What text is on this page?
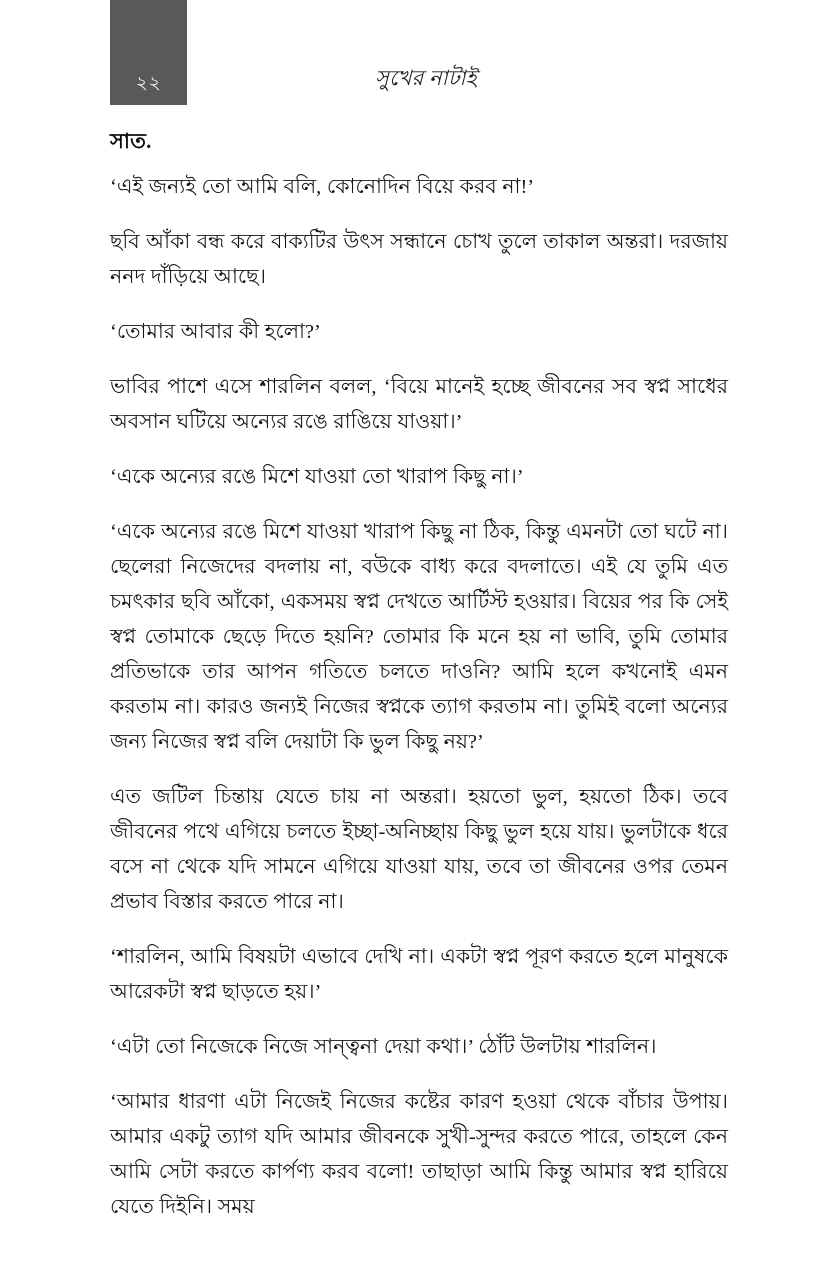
২২	সুখের নাটাই
সাত.

‘এই জন্যই তো আমি বলি, কোনোদিন বিয়ে করব না!’

ছবি আঁকা বন্ধ করে বাক্যটির উৎস সন্ধানে চোখ তুলে তাকাল অন্তরা। দরজায় ননদ দাঁড়িয়ে আছে।

‘তোমার আবার কী হলো?’

ভাবির পাশে এসে শারলিন বলল, ‘বিয়ে মানেই হচ্ছে জীবনের সব স্বপ্ন সাধের অবসান ঘটিয়ে অন্যের রঙে রাঙিয়ে যাওয়া।’

‘একে অন্যের রঙে মিশে যাওয়া তো খারাপ কিছু না।’

‘একে অন্যের রঙে মিশে যাওয়া খারাপ কিছু না ঠিক, কিন্তু এমনটা তো ঘটে না। ছেলেরা নিজেদের বদলায় না, বউকে বাধ্য করে বদলাতে। এই যে তুমি এত চমৎকার ছবি আঁকো, একসময় স্বপ্ন দেখতে আর্টিস্ট হওয়ার। বিয়ের পর কি সেই স্বপ্ন তোমাকে ছেড়ে দিতে হয়নি? তোমার কি মনে হয় না ভাবি, তুমি তোমার প্রতিভাকে তার আপন গতিতে চলতে দাওনি? আমি হলে কখনোই এমন করতাম না। কারও জন্যই নিজের স্বপ্নকে ত্যাগ করতাম না। তুমিই বলো অন্যের জন্য নিজের স্বপ্ন বলি দেয়াটা কি ভুল কিছু নয়?’

এত জটিল চিন্তায় যেতে চায় না অন্তরা। হয়তো ভুল, হয়তো ঠিক। তবে জীবনের পথে এগিয়ে চলতে ইচ্ছা-অনিচ্ছায় কিছু ভুল হয়ে যায়। ভুলটাকে ধরে বসে না থেকে যদি সামনে এগিয়ে যাওয়া যায়, তবে তা জীবনের ওপর তেমন প্রভাব বিস্তার করতে পারে না।

‘শারলিন, আমি বিষয়টা এভাবে দেখি না। একটা স্বপ্ন পূরণ করতে হলে মানুষকে আরেকটা স্বপ্ন ছাড়তে হয়।’

‘এটা তো নিজেকে নিজে সান্ত্বনা দেয়া কথা।’ ঠোঁট উলটায় শারলিন।

‘আমার ধারণা এটা নিজেই নিজের কষ্টের কারণ হওয়া থেকে বাঁচার উপায়। আমার একটু ত্যাগ যদি আমার জীবনকে সুখী-সুন্দর করতে পারে, তাহলে কেন আমি সেটা করতে কার্পণ্য করব বলো! তাছাড়া আমি কিন্তু আমার স্বপ্ন হারিয়ে যেতে দিইনি। সময়
